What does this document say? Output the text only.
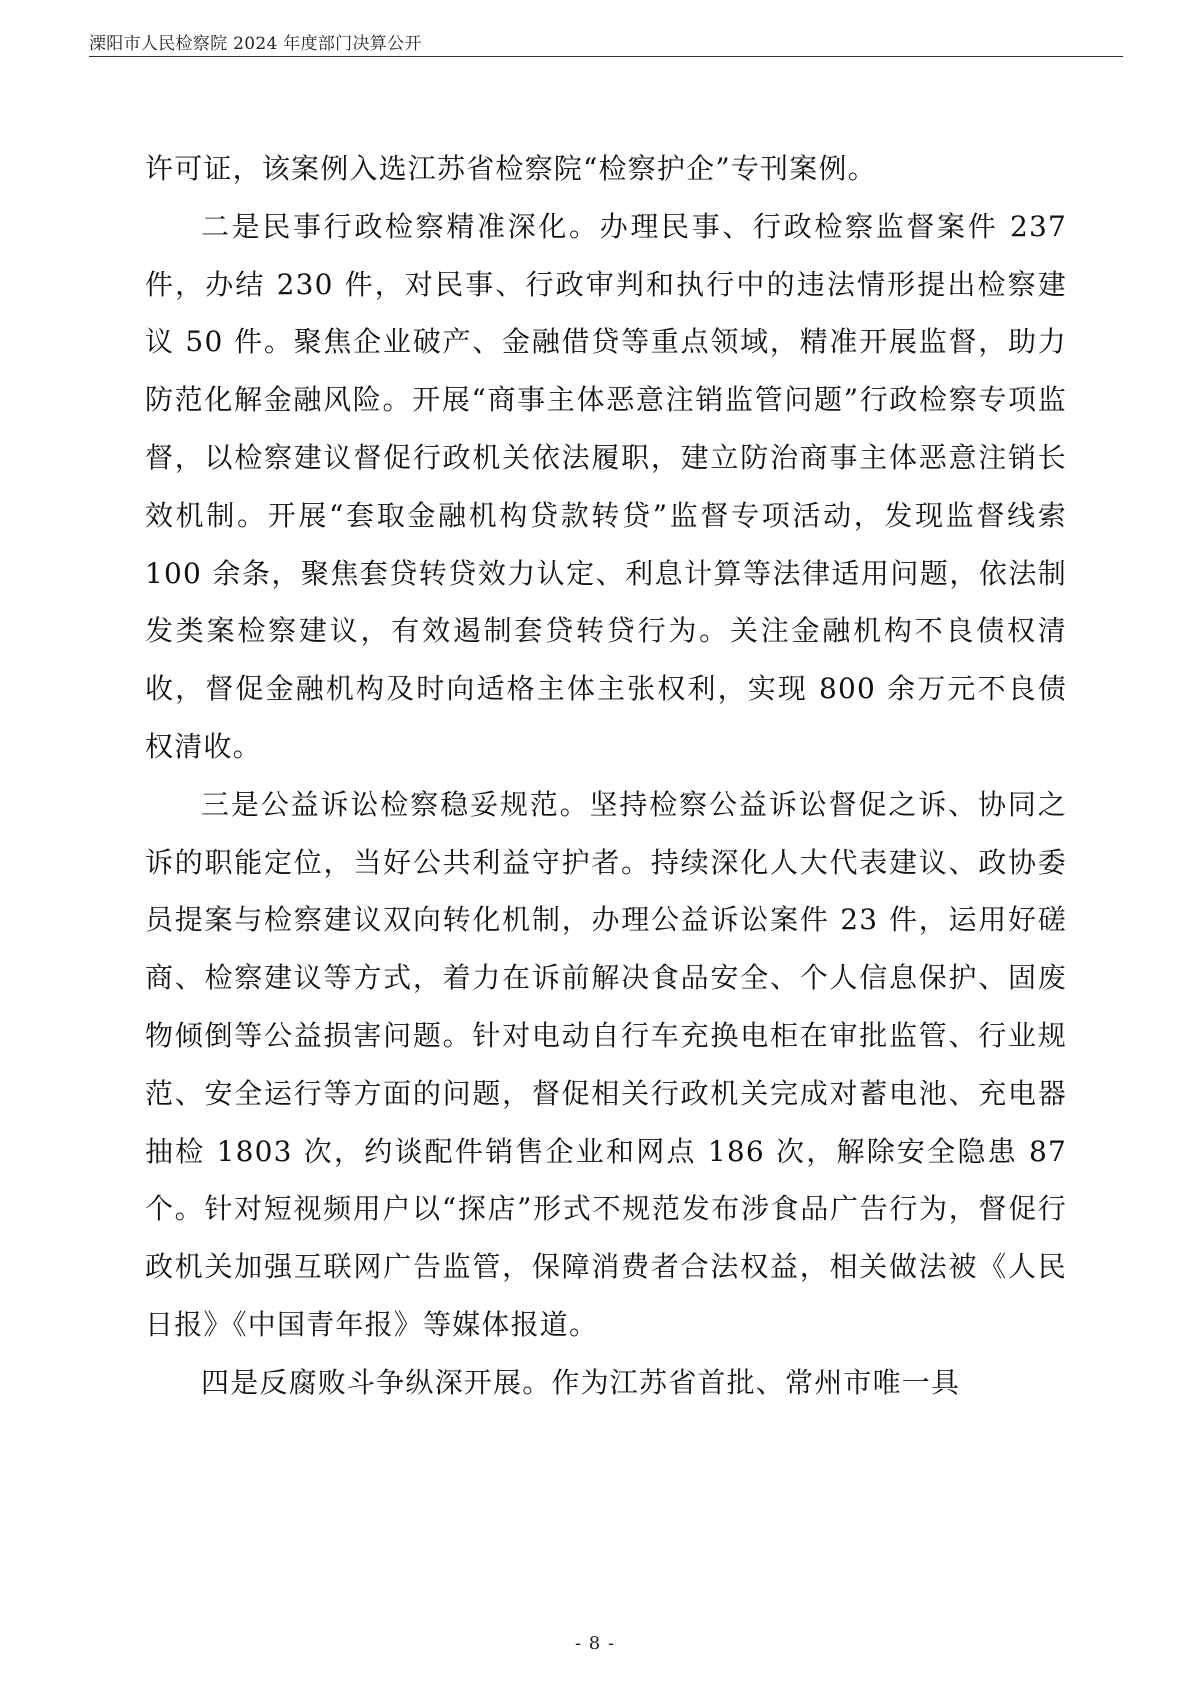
溧阳市人民检察院 2024 年度部门决算公开

许可证，该案例入选江苏省检察院“检察护企”专刊案例。

二是民事行政检察精准深化。办理民事、行政检察监督案件 237 件，办结 230 件，对民事、行政审判和执行中的违法情形提出检察建议 50 件。聚焦企业破产、金融借贷等重点领域，精准开展监督，助力防范化解金融风险。开展“商事主体恶意注销监管问题”行政检察专项监督，以检察建议督促行政机关依法履职，建立防治商事主体恶意注销长效机制。开展“套取金融机构贷款转贷”监督专项活动，发现监督线索 100 余条，聚焦套贷转贷效力认定、利息计算等法律适用问题，依法制发类案检察建议，有效遏制套贷转贷行为。关注金融机构不良债权清收，督促金融机构及时向适格主体主张权利，实现 800 余万元不良债权清收。

三是公益诉讼检察稳妥规范。坚持检察公益诉讼督促之诉、协同之诉的职能定位，当好公共利益守护者。持续深化人大代表建议、政协委员提案与检察建议双向转化机制，办理公益诉讼案件 23 件，运用好磋商、检察建议等方式，着力在诉前解决食品安全、个人信息保护、固废物倾倒等公益损害问题。针对电动自行车充换电柜在审批监管、行业规范、安全运行等方面的问题，督促相关行政机关完成对蓄电池、充电器抽检 1803 次，约谈配件销售企业和网点 186 次，解除安全隐患 87 个。针对短视频用户以“探店”形式不规范发布涉食品广告行为，督促行政机关加强互联网广告监管，保障消费者合法权益，相关做法被《人民日报》《中国青年报》等媒体报道。

四是反腐败斗争纵深开展。作为江苏省首批、常州市唯一具

- 8 -
